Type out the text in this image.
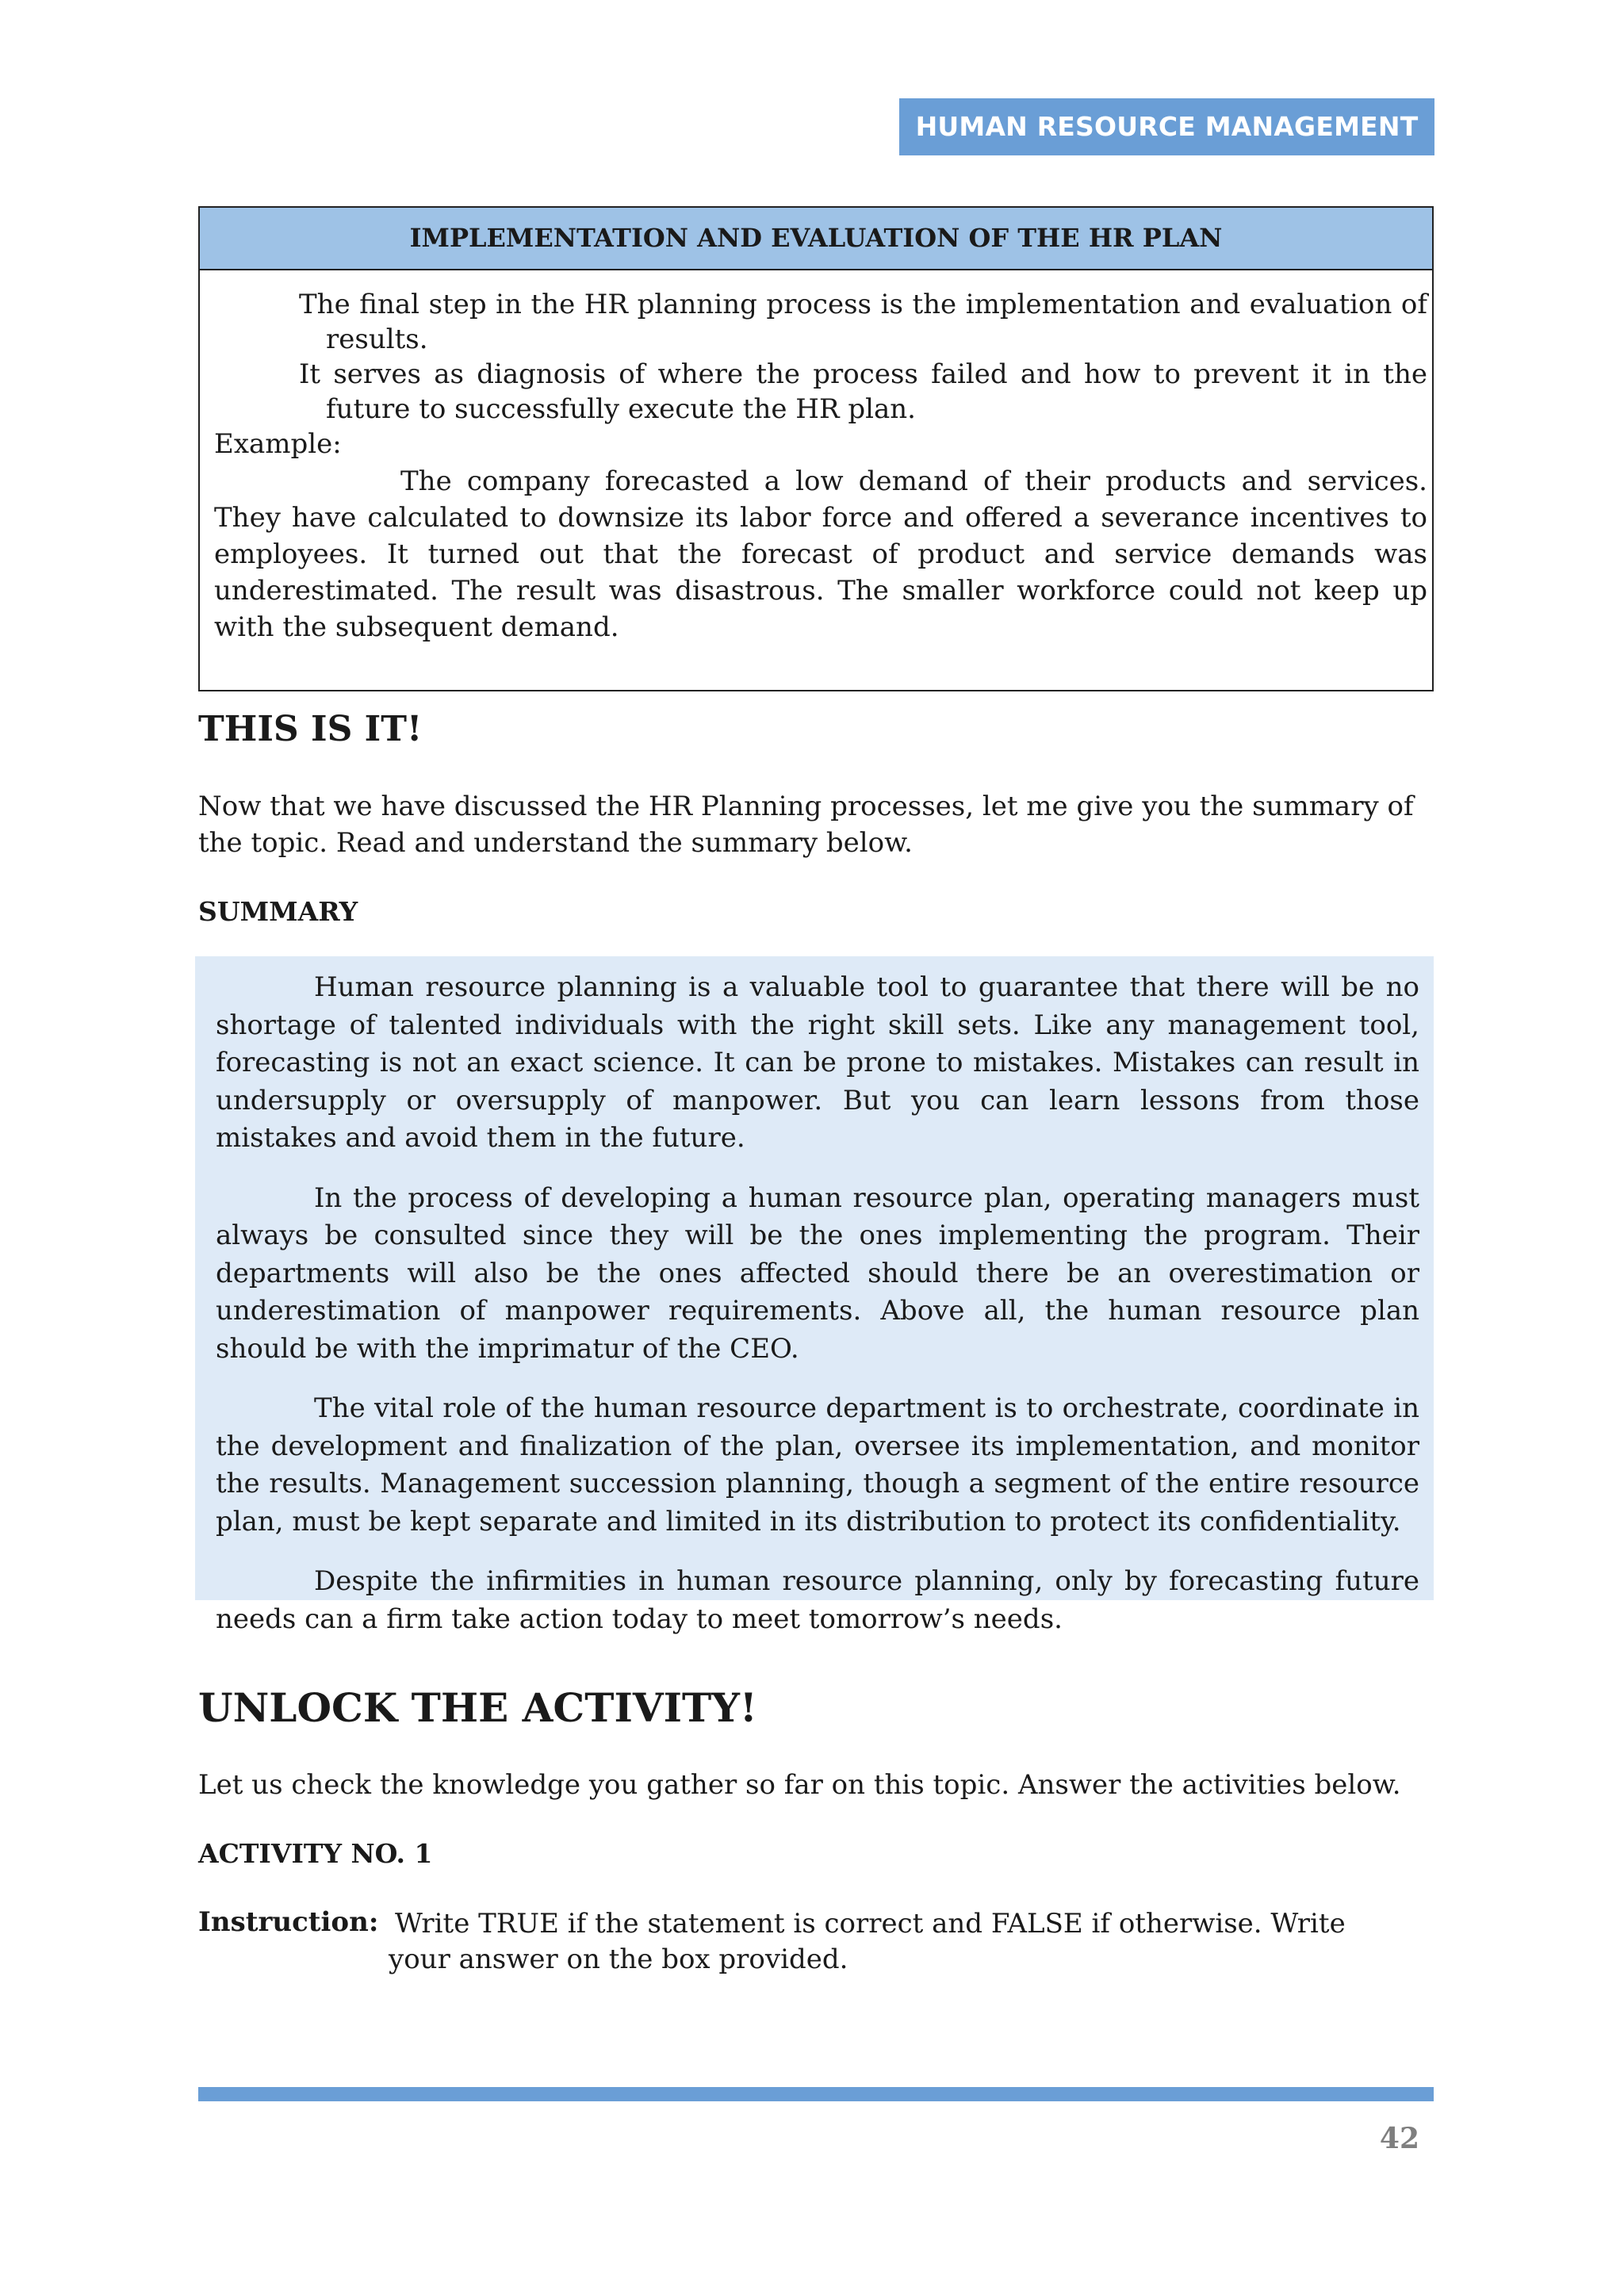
HUMAN RESOURCE MANAGEMENT
IMPLEMENTATION AND EVALUATION OF THE HR PLAN
The final step in the HR planning process is the implementation and evaluation of results.
It serves as diagnosis of where the process failed and how to prevent it in the future to successfully execute the HR plan.
Example:
The company forecasted a low demand of their products and services. They have calculated to downsize its labor force and offered a severance incentives to employees. It turned out that the forecast of product and service demands was underestimated. The result was disastrous. The smaller workforce could not keep up with the subsequent demand.
THIS IS IT!

Now that we have discussed the HR Planning processes, let me give you the summary of the topic. Read and understand the summary below.

SUMMARY

Human resource planning is a valuable tool to guarantee that there will be no shortage of talented individuals with the right skill sets. Like any management tool, forecasting is not an exact science. It can be prone to mistakes. Mistakes can result in undersupply or oversupply of manpower. But you can learn lessons from those mistakes and avoid them in the future.

In the process of developing a human resource plan, operating managers must always be consulted since they will be the ones implementing the program. Their departments will also be the ones affected should there be an overestimation or underestimation of manpower requirements. Above all, the human resource plan should be with the imprimatur of the CEO.

The vital role of the human resource department is to orchestrate, coordinate in the development and finalization of the plan, oversee its implementation, and monitor the results. Management succession planning, though a segment of the entire resource plan, must be kept separate and limited in its distribution to protect its confidentiality.

Despite the infirmities in human resource planning, only by forecasting future needs can a firm take action today to meet tomorrow’s needs.

UNLOCK THE ACTIVITY!

Let us check the knowledge you gather so far on this topic. Answer the activities below.

ACTIVITY NO. 1
Instruction: Write TRUE if the statement is correct and FALSE if otherwise. Write your answer on the box provided.
42
